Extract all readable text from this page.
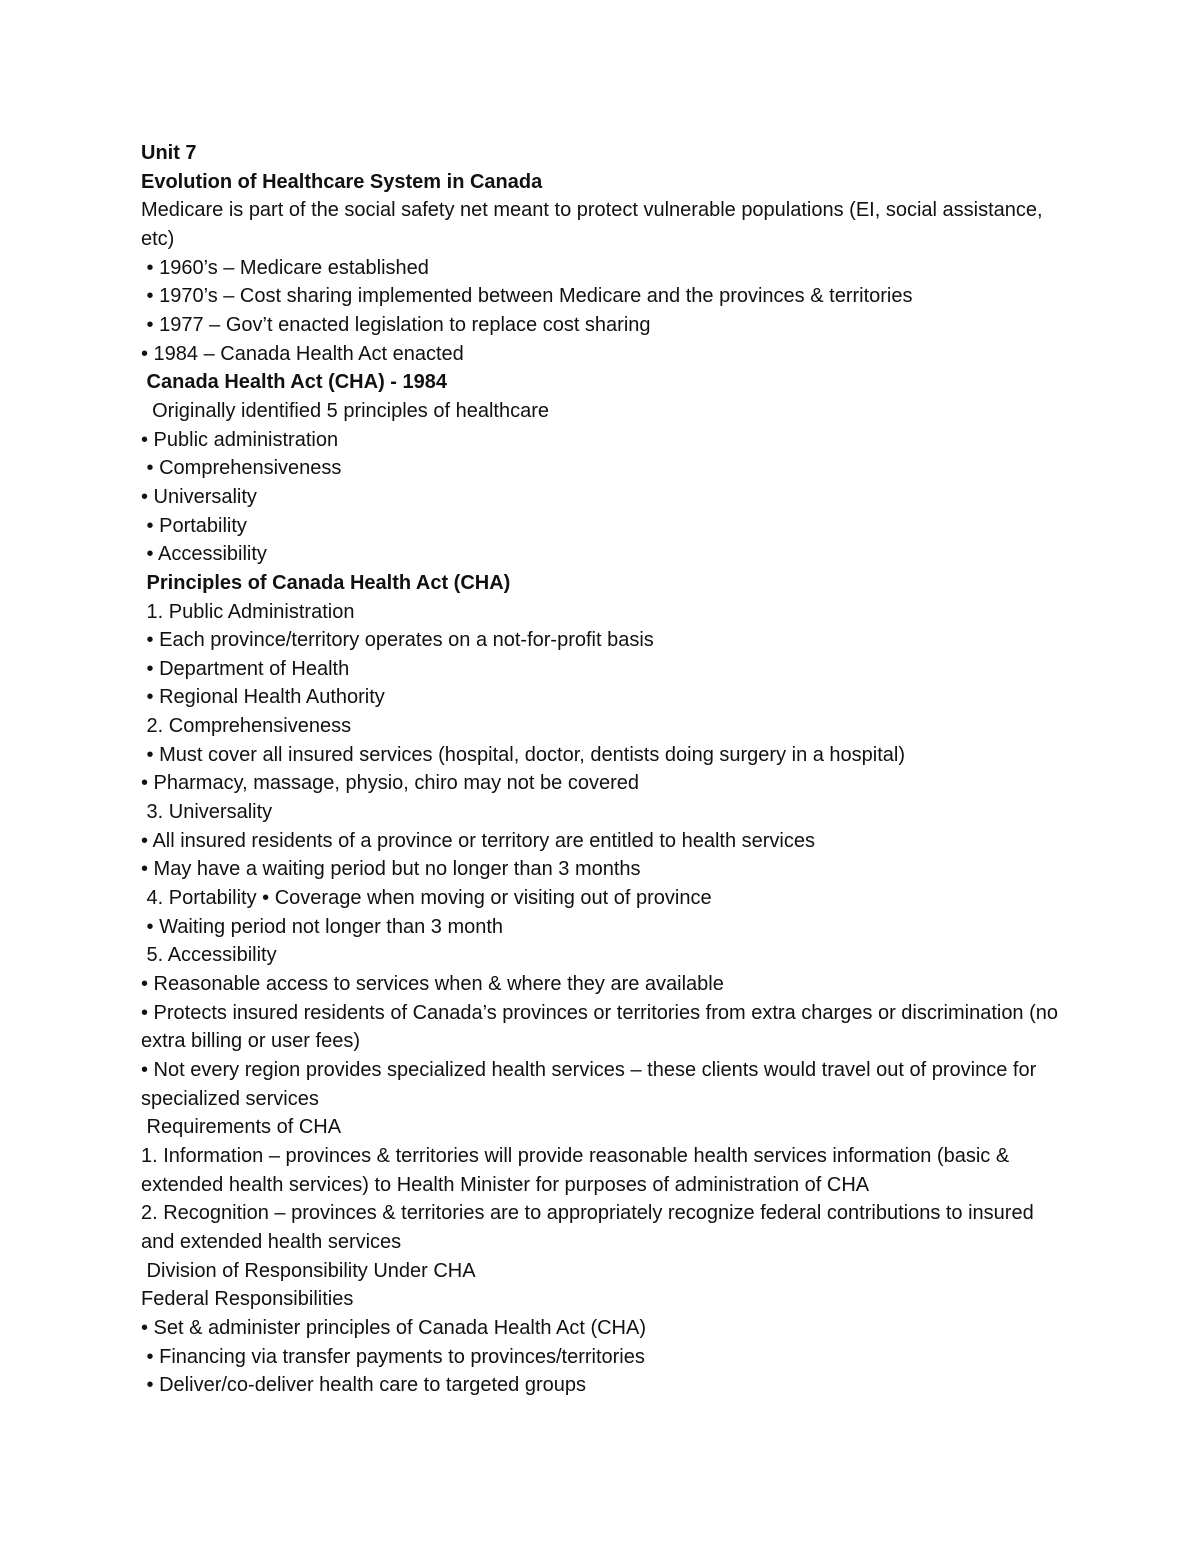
Unit 7
Evolution of Healthcare System in Canada
Medicare is part of the social safety net meant to protect vulnerable populations (EI, social assistance, etc)
• 1960’s – Medicare established
• 1970’s – Cost sharing implemented between Medicare and the provinces & territories
• 1977 – Gov’t enacted legislation to replace cost sharing
• 1984 – Canada Health Act enacted
Canada Health Act (CHA) - 1984
Originally identified 5 principles of healthcare
• Public administration
• Comprehensiveness
• Universality
• Portability
• Accessibility
Principles of Canada Health Act (CHA)
1. Public Administration
• Each province/territory operates on a not-for-profit basis
• Department of Health
• Regional Health Authority
2. Comprehensiveness
• Must cover all insured services (hospital, doctor, dentists doing surgery in a hospital)
• Pharmacy, massage, physio, chiro may not be covered
3. Universality
• All insured residents of a province or territory are entitled to health services
• May have a waiting period but no longer than 3 months
4. Portability • Coverage when moving or visiting out of province
• Waiting period not longer than 3 month
5. Accessibility
• Reasonable access to services when & where they are available
• Protects insured residents of Canada’s provinces or territories from extra charges or discrimination (no extra billing or user fees)
• Not every region provides specialized health services – these clients would travel out of province for specialized services
Requirements of CHA
1. Information – provinces & territories will provide reasonable health services information (basic & extended health services) to Health Minister for purposes of administration of CHA
2. Recognition – provinces & territories are to appropriately recognize federal contributions to insured and extended health services
Division of Responsibility Under CHA
Federal Responsibilities
• Set & administer principles of Canada Health Act (CHA)
• Financing via transfer payments to provinces/territories
• Deliver/co-deliver health care to targeted groups
